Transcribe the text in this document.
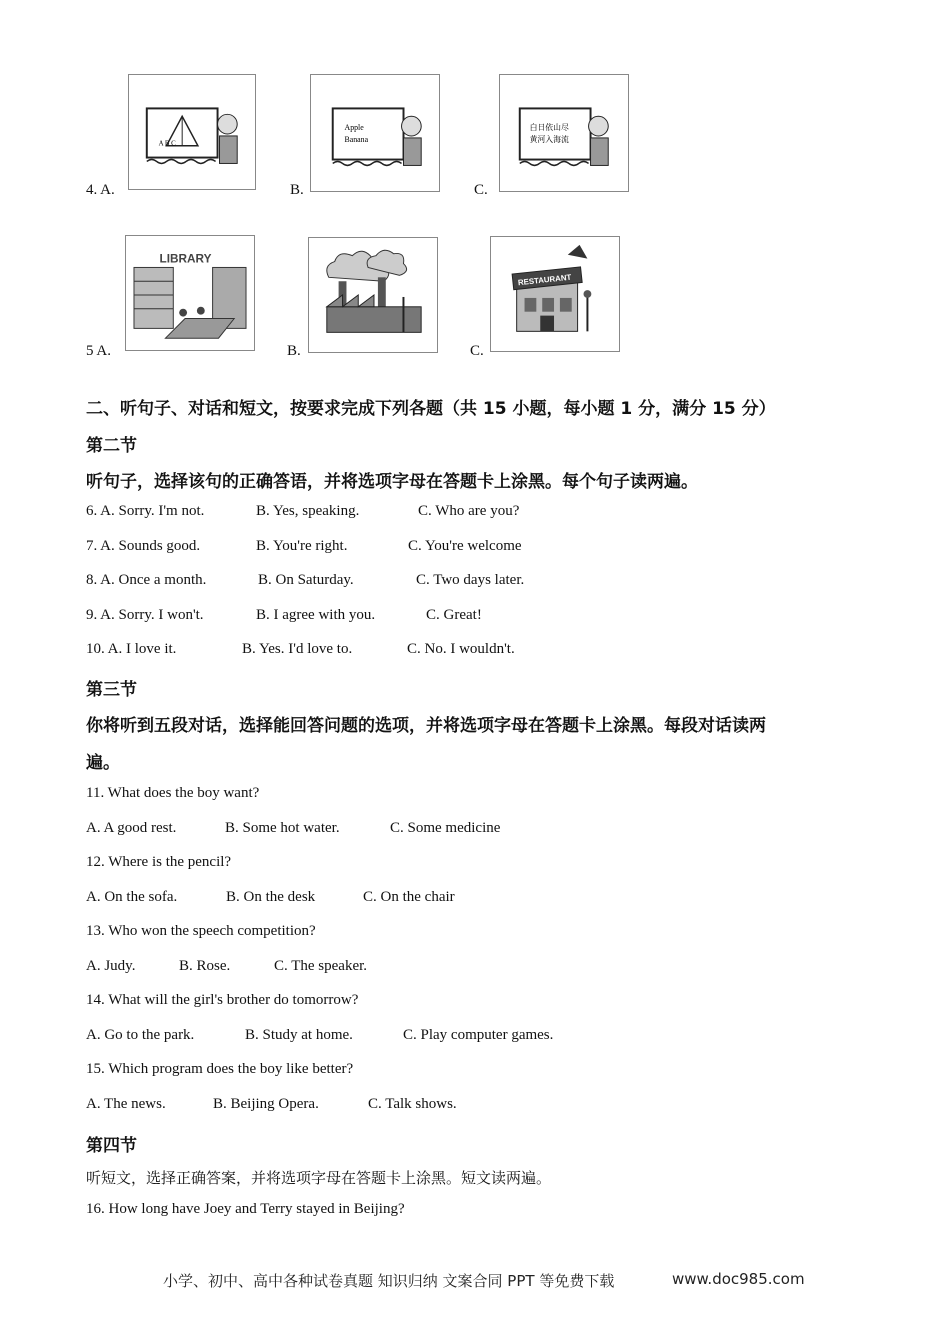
4. A.
A B C
B.
Apple
Banana
C.
白日依山尽
黄河入海流
5 A.
LIBRARY
B.	C.
RESTAURANT
二、听句子、对话和短文，按要求完成下列各题（共 15 小题，每小题 1 分，满分 15 分）
第二节
听句子，选择该句的正确答语，并将选项字母在答题卡上涂黑。每个句子读两遍。
6. A. Sorry. I'm not.	B. Yes, speaking.	C. Who are you?
7. A. Sounds good.	B. You're right.	C. You're welcome
8. A. Once a month.	B. On Saturday.	C. Two days later.
9. A. Sorry. I won't.	B. I agree with you.	C. Great!
10. A. I love it.	B. Yes. I'd love to.	C. No. I wouldn't.
第三节
你将听到五段对话，选择能回答问题的选项，并将选项字母在答题卡上涂黑。每段对话读两
遍。
11. What does the boy want?
A. A good rest.	B. Some hot water.	C. Some medicine
12. Where is the pencil?
A. On the sofa.	B. On the desk	C. On the chair
13. Who won the speech competition?
A. Judy.	B. Rose.	C. The speaker.
14. What will the girl's brother do tomorrow?
A. Go to the park.	B. Study at home.	C. Play computer games.
15. Which program does the boy like better?
A. The news.	B. Beijing Opera.	C. Talk shows.
第四节
听短文，选择正确答案，并将选项字母在答题卡上涂黑。短文读两遍。
16. How long have Joey and Terry stayed in Beijing?
小学、初中、高中各种试卷真题 知识归纳 文案合同 PPT 等免费下载	www.doc985.com
